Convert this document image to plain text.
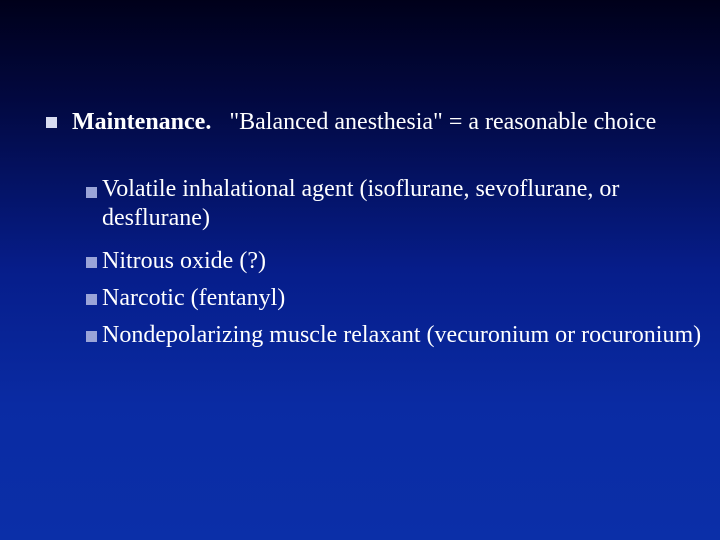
Maintenance. "Balanced anesthesia" = a reasonable choice
Volatile inhalational agent (isoflurane, sevoflurane, or desflurane)
Nitrous oxide (?)
Narcotic (fentanyl)
Nondepolarizing muscle relaxant (vecuronium or rocuronium)
